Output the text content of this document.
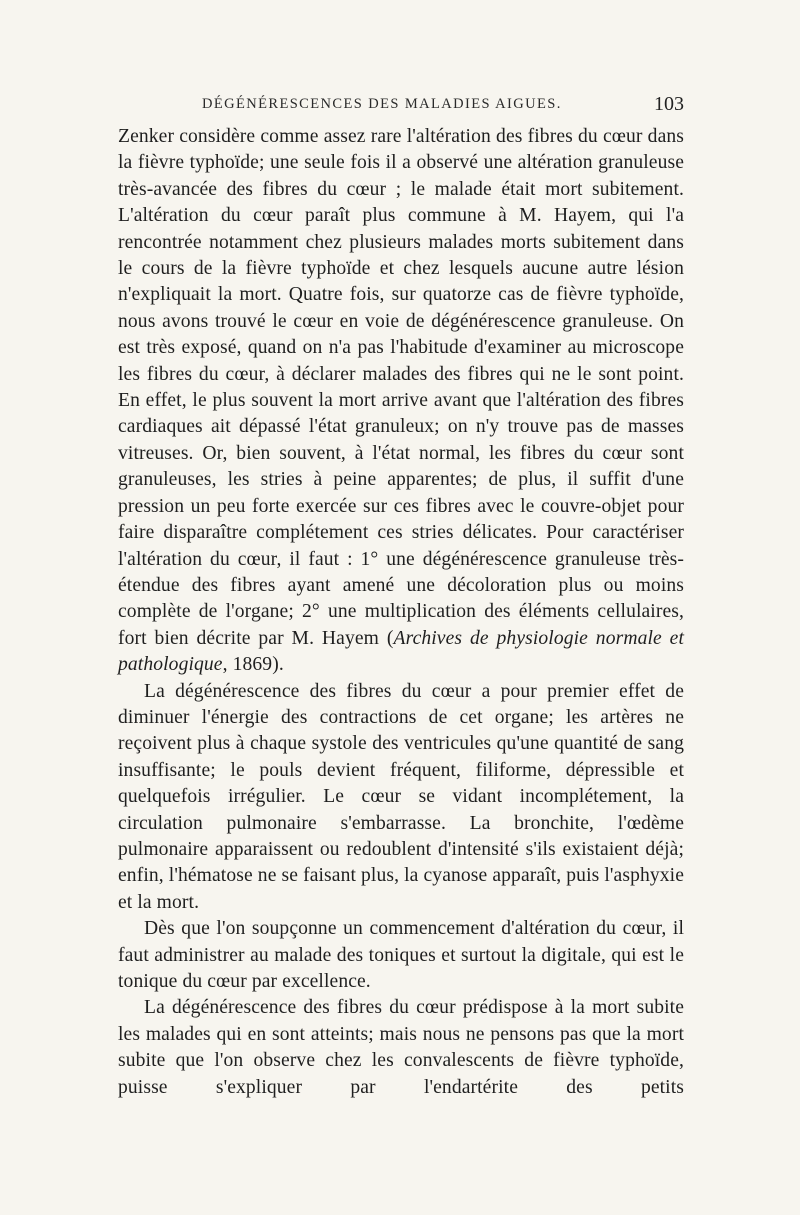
DÉGÉNÉRESCENCES DES MALADIES AIGUES.	103

Zenker considère comme assez rare l'altération des fibres du cœur dans la fièvre typhoïde; une seule fois il a observé une altération granuleuse très-avancée des fibres du cœur ; le malade était mort subitement. L'altération du cœur paraît plus commune à M. Hayem, qui l'a rencontrée notamment chez plusieurs malades morts subitement dans le cours de la fièvre typhoïde et chez lesquels aucune autre lésion n'expliquait la mort. Quatre fois, sur quatorze cas de fièvre typhoïde, nous avons trouvé le cœur en voie de dégénérescence granuleuse. On est très exposé, quand on n'a pas l'habitude d'examiner au microscope les fibres du cœur, à déclarer malades des fibres qui ne le sont point. En effet, le plus souvent la mort arrive avant que l'altération des fibres cardiaques ait dépassé l'état granuleux; on n'y trouve pas de masses vitreuses. Or, bien souvent, à l'état normal, les fibres du cœur sont granuleuses, les stries à peine apparentes; de plus, il suffit d'une pression un peu forte exercée sur ces fibres avec le couvre-objet pour faire disparaître complétement ces stries délicates. Pour caractériser l'altération du cœur, il faut : 1° une dégénérescence granuleuse très-étendue des fibres ayant amené une décoloration plus ou moins complète de l'organe; 2° une multiplication des éléments cellulaires, fort bien décrite par M. Hayem (Archives de physiologie normale et pathologique, 1869).

La dégénérescence des fibres du cœur a pour premier effet de diminuer l'énergie des contractions de cet organe; les artères ne reçoivent plus à chaque systole des ventricules qu'une quantité de sang insuffisante; le pouls devient fréquent, filiforme, dépressible et quelquefois irrégulier. Le cœur se vidant incomplétement, la circulation pulmonaire s'embarrasse. La bronchite, l'œdème pulmonaire apparaissent ou redoublent d'intensité s'ils existaient déjà; enfin, l'hématose ne se faisant plus, la cyanose apparaît, puis l'asphyxie et la mort.

Dès que l'on soupçonne un commencement d'altération du cœur, il faut administrer au malade des toniques et surtout la digitale, qui est le tonique du cœur par excellence.

La dégénérescence des fibres du cœur prédispose à la mort subite les malades qui en sont atteints; mais nous ne pensons pas que la mort subite que l'on observe chez les convalescents de fièvre typhoïde, puisse s'expliquer par l'endartérite des petits
